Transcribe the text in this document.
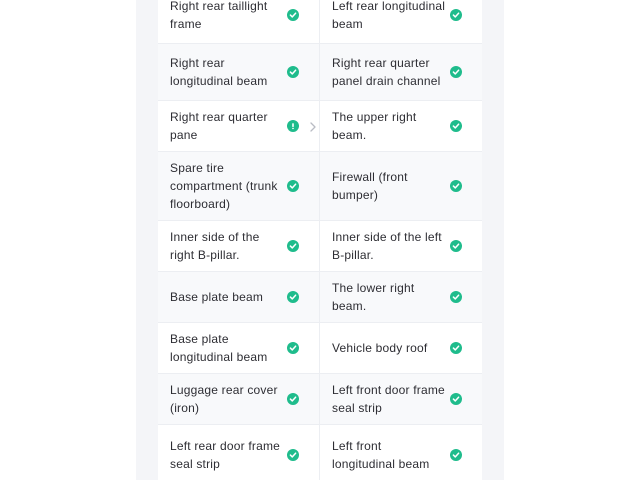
Right rear taillight frame
Left rear longitudinal beam
Right rear longitudinal beam
Right rear quarter panel drain channel
Right rear quarter pane
The upper right beam.
Spare tire compartment (trunk floorboard)
Firewall (front bumper)
Inner side of the right B-pillar.
Inner side of the left B-pillar.
Base plate beam
The lower right beam.
Base plate longitudinal beam
Vehicle body roof
Luggage rear cover (iron)
Left front door frame seal strip
Left rear door frame seal strip
Left front longitudinal beam
